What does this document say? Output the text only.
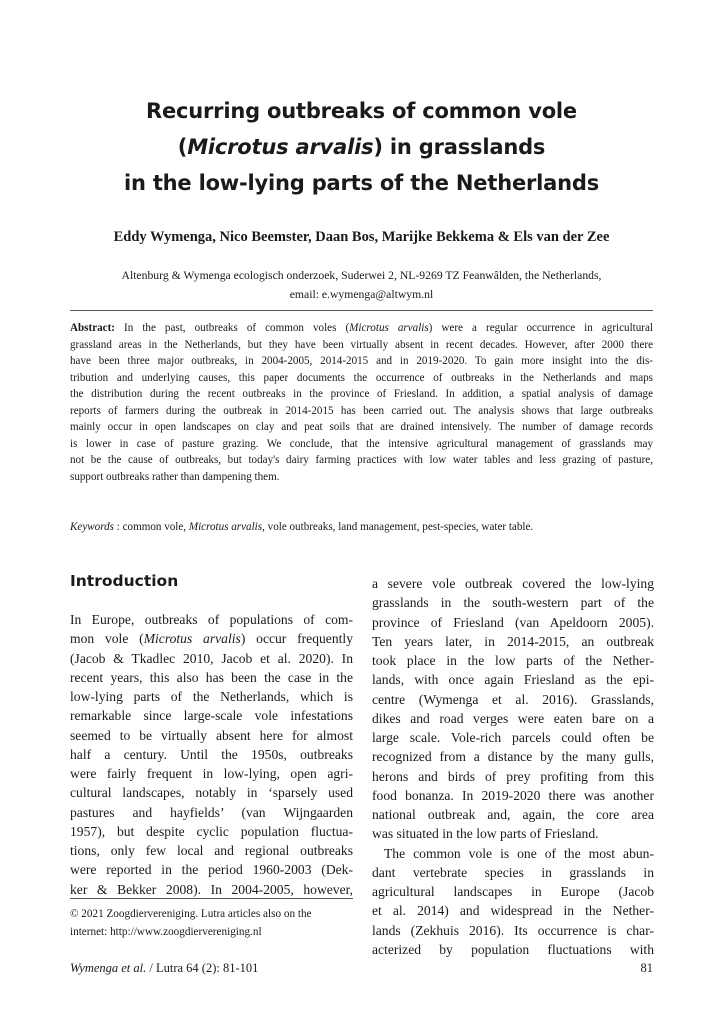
Recurring outbreaks of common vole
(Microtus arvalis) in grasslands
in the low-lying parts of the Netherlands
Eddy Wymenga, Nico Beemster, Daan Bos, Marijke Bekkema & Els van der Zee
Altenburg & Wymenga ecologisch onderzoek, Suderwei 2, NL-9269 TZ Feanwâlden, the Netherlands,
email: e.wymenga@altwym.nl
Abstract: In the past, outbreaks of common voles (Microtus arvalis) were a regular occurrence in agricultural
grassland areas in the Netherlands, but they have been virtually absent in recent decades. However, after 2000 there
have been three major outbreaks, in 2004-2005, 2014-2015 and in 2019-2020. To gain more insight into the dis-
tribution and underlying causes, this paper documents the occurrence of outbreaks in the Netherlands and maps
the distribution during the recent outbreaks in the province of Friesland. In addition, a spatial analysis of damage
reports of farmers during the outbreak in 2014-2015 has been carried out. The analysis shows that large outbreaks
mainly occur in open landscapes on clay and peat soils that are drained intensively. The number of damage records
is lower in case of pasture grazing. We conclude, that the intensive agricultural management of grasslands may
not be the cause of outbreaks, but today's dairy farming practices with low water tables and less grazing of pasture,
support outbreaks rather than dampening them.
Keywords : common vole, Microtus arvalis, vole outbreaks, land management, pest-species, water table.
Introduction
In Europe, outbreaks of populations of com-
mon vole (Microtus arvalis) occur frequently
(Jacob & Tkadlec 2010, Jacob et al. 2020). In
recent years, this also has been the case in the
low-lying parts of the Netherlands, which is
remarkable since large-scale vole infestations
seemed to be virtually absent here for almost
half a century. Until the 1950s, outbreaks
were fairly frequent in low-lying, open agri-
cultural landscapes, notably in ‘sparsely used
pastures and hayfields’ (van Wijngaarden
1957), but despite cyclic population fluctua-
tions, only few local and regional outbreaks
were reported in the period 1960-2003 (Dek-
ker & Bekker 2008). In 2004-2005, however,
© 2021 Zoogdiervereniging. Lutra articles also on the
internet: http://www.zoogdiervereniging.nl
a severe vole outbreak covered the low-lying
grasslands in the south-western part of the
province of Friesland (van Apeldoorn 2005).
Ten years later, in 2014-2015, an outbreak
took place in the low parts of the Nether-
lands, with once again Friesland as the epi-
centre (Wymenga et al. 2016). Grasslands,
dikes and road verges were eaten bare on a
large scale. Vole-rich parcels could often be
recognized from a distance by the many gulls,
herons and birds of prey profiting from this
food bonanza. In 2019-2020 there was another
national outbreak and, again, the core area
was situated in the low parts of Friesland.
The common vole is one of the most abun-
dant vertebrate species in grasslands in
agricultural landscapes in Europe (Jacob
et al. 2014) and widespread in the Nether-
lands (Zekhuis 2016). Its occurrence is char-
acterized by population fluctuations with
Wymenga et al. / Lutra 64 (2): 81-101	81
